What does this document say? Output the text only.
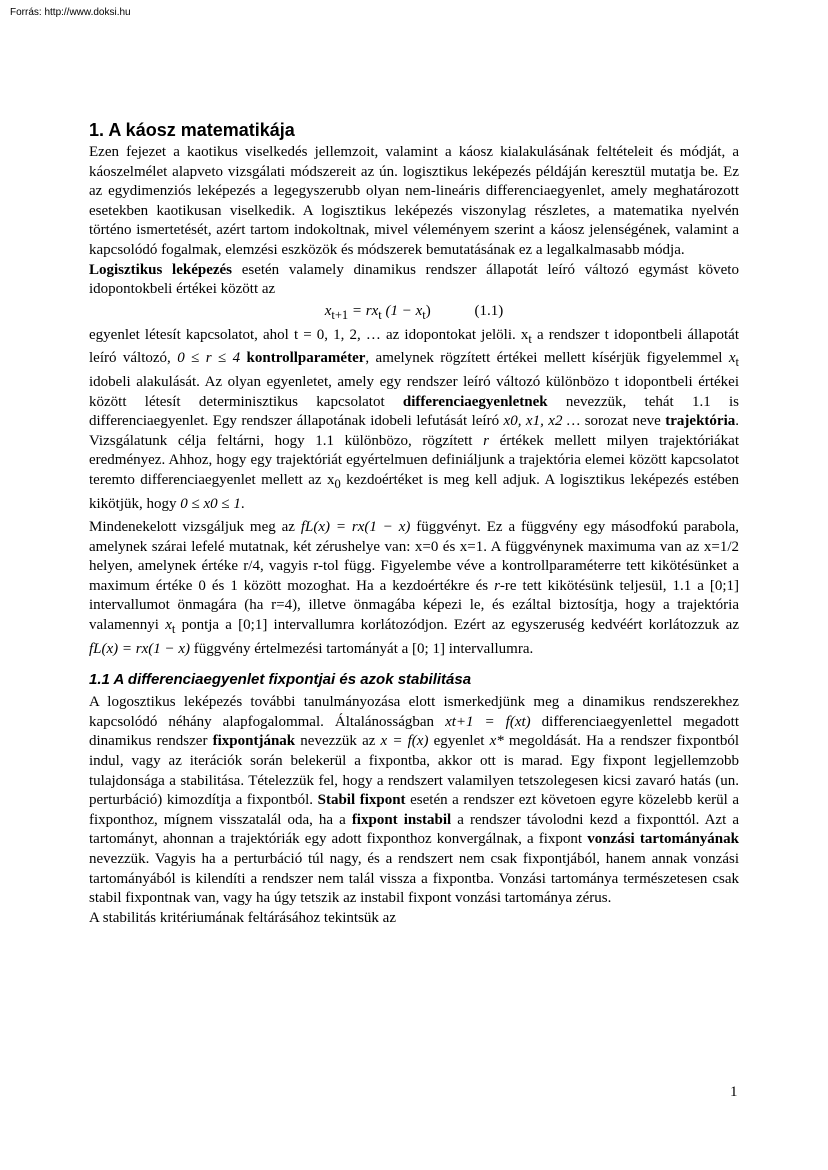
Forrás: http://www.doksi.hu
1. A káosz matematikája

Ezen fejezet a kaotikus viselkedés jellemzoit, valamint a káosz kialakulásának feltételeit és módját, a káoszelmélet alapveto vizsgálati módszereit az ún. logisztikus leképezés példáján keresztül mutatja be. Ez az egydimenziós leképezés a legegyszerubb olyan nem-lineáris differenciaegyenlet, amely meghatározott esetekben kaotikusan viselkedik. A logisztikus leképezés viszonylag részletes, a matematika nyelvén történo ismertetését, azért tartom indokoltnak, mivel véleményem szerint a káosz jelenségének, valamint a kapcsolódó fogalmak, elemzési eszközök és módszerek bemutatásának ez a legalkalmasabb módja.

Logisztikus leképezés esetén valamely dinamikus rendszer állapotát leíró változó egymást követo idopontokbeli értékei között az

$x_{t+1} = rx_t$ $(1 - x_t)$	(1.1)

egyenlet létesít kapcsolatot, ahol t = 0, 1, 2, … az idopontokat jelöli. $x_t$ a rendszer t idopontbeli állapotát leíró változó, 0 ≤ r ≤ 4 kontrollparaméter, amelynek rögzített értékei mellett kísérjük figyelemmel $x_t$ idobeli alakulását. Az olyan egyenletet, amely egy rendszer leíró változó különbözo t idopontbeli értékei között létesít determinisztikus kapcsolatot differenciaegyenletnek nevezzük, tehát 1.1 is differenciaegyenlet. Egy rendszer állapotának idobeli lefutását leíró x0, x1, x2 … sorozat neve trajektória. Vizsgálatunk célja feltárni, hogy 1.1 különbözo, rögzített r értékek mellett milyen trajektóriákat eredményez. Ahhoz, hogy egy trajektóriát egyértelmuen definiáljunk a trajektória elemei között kapcsolatot teremto differenciaegyenlet mellett az $x_0$ kezdoértéket is meg kell adjuk. A logisztikus leképezés estében kikötjük, hogy 0 ≤ x0 ≤ 1.

Mindenekelott vizsgáljuk meg az fL(x) = rx(1 − x) függvényt. Ez a függvény egy másodfokú parabola, amelynek szárai lefelé mutatnak, két zérushelye van: x=0 és x=1. A függvénynek maximuma van az x=1/2 helyen, amelynek értéke r/4, vagyis r-tol függ. Figyelembe véve a kontrollparaméterre tett kikötésünket a maximum értéke 0 és 1 között mozoghat. Ha a kezdoértékre és r-re tett kikötésünk teljesül, 1.1 a [0;1] intervallumot önmagára (ha r=4), illetve önmagába képezi le, és ezáltal biztosítja, hogy a trajektória valamennyi $x_t$ pontja a [0;1] intervallumra korlátozódjon. Ezért az egyszeruség kedvéért korlátozzuk az fL(x) = rx(1 − x) függvény értelmezési tartományát a [0; 1] intervallumra.

1.1 A differenciaegyenlet fixpontjai és azok stabilitása

A logosztikus leképezés további tanulmányozása elott ismerkedjünk meg a dinamikus rendszerekhez kapcsolódó néhány alapfogalommal. Általánosságban xt+1 = f(xt) differenciaegyenlettel megadott dinamikus rendszer fixpontjának nevezzük az x = f(x) egyenlet x* megoldását. Ha a rendszer fixpontból indul, vagy az iterációk során belekerül a fixpontba, akkor ott is marad. Egy fixpont legjellemzobb tulajdonsága a stabilitása. Tételezzük fel, hogy a rendszert valamilyen tetszolegesen kicsi zavaró hatás (un. perturbáció) kimozdítja a fixpontból. Stabil fixpont esetén a rendszer ezt követoen egyre közelebb kerül a fixponthoz, mígnem visszatalál oda, ha a fixpont instabil a rendszer távolodni kezd a fixponttól. Azt a tartományt, ahonnan a trajektóriák egy adott fixponthoz konvergálnak, a fixpont vonzási tartományának nevezzük. Vagyis ha a perturbáció túl nagy, és a rendszert nem csak fixpontjából, hanem annak vonzási tartományából is kilendíti a rendszer nem talál vissza a fixpontba. Vonzási tartománya természetesen csak stabil fixpontnak van, vagy ha úgy tetszik az instabil fixpont vonzási tartománya zérus.

A stabilitás kritériumának feltárásához tekintsük az

1
